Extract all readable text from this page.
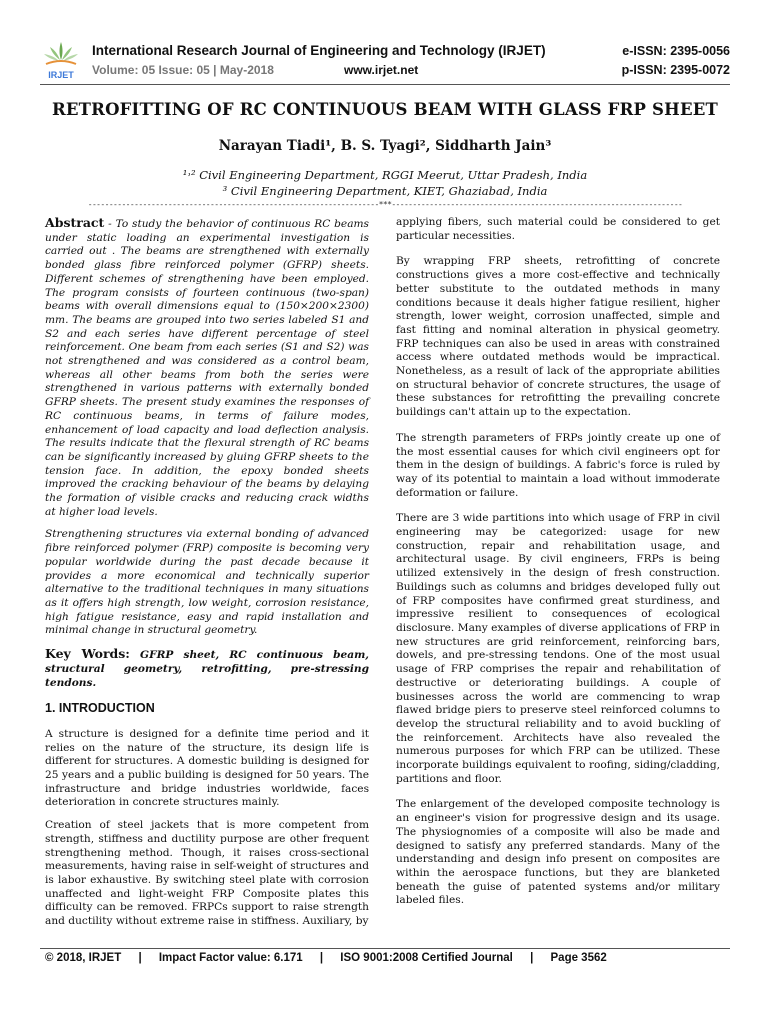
IRJET
International Research Journal of Engineering and Technology (IRJET)	e-ISSN: 2395-0056
Volume: 05 Issue: 05 | May-2018	www.irjet.net	p-ISSN: 2395-0072
RETROFITTING OF RC CONTINUOUS BEAM WITH GLASS FRP SHEET
Narayan Tiadi¹, B. S. Tyagi², Siddharth Jain³
¹˒² Civil Engineering Department, RGGI Meerut, Uttar Pradesh, India
³ Civil Engineering Department, KIET, Ghaziabad, India
---------------------------------------------------------------------***---------------------------------------------------------------------

Abstract - To study the behavior of continuous RC beams under static loading an experimental investigation is carried out . The beams are strengthened with externally bonded glass fibre reinforced polymer (GFRP) sheets. Different schemes of strengthening have been employed. The program consists of fourteen continuous (two-span) beams with overall dimensions equal to (150×200×2300) mm. The beams are grouped into two series labeled S1 and S2 and each series have different percentage of steel reinforcement. One beam from each series (S1 and S2) was not strengthened and was considered as a control beam, whereas all other beams from both the series were strengthened in various patterns with externally bonded GFRP sheets. The present study examines the responses of RC continuous beams, in terms of failure modes, enhancement of load capacity and load deflection analysis. The results indicate that the flexural strength of RC beams can be significantly increased by gluing GFRP sheets to the tension face. In addition, the epoxy bonded sheets improved the cracking behaviour of the beams by delaying the formation of visible cracks and reducing crack widths at higher load levels.

Strengthening structures via external bonding of advanced fibre reinforced polymer (FRP) composite is becoming very popular worldwide during the past decade because it provides a more economical and technically superior alternative to the traditional techniques in many situations as it offers high strength, low weight, corrosion resistance, high fatigue resistance, easy and rapid installation and minimal change in structural geometry.

Key Words: GFRP sheet, RC continuous beam, structural geometry, retrofitting, pre-stressing tendons.

1. INTRODUCTION

A structure is designed for a definite time period and it relies on the nature of the structure, its design life is different for structures. A domestic building is designed for 25 years and a public building is designed for 50 years. The infrastructure and bridge industries worldwide, faces deterioration in concrete structures mainly.

Creation of steel jackets that is more competent from strength, stiffness and ductility purpose are other frequent strengthening method. Though, it raises cross-sectional measurements, having raise in self-weight of structures and is labor exhaustive. By switching steel plate with corrosion unaffected and light-weight FRP Composite plates this difficulty can be removed. FRPCs support to raise strength and ductility without extreme raise in stiffness. Auxiliary, by

applying fibers, such material could be considered to get particular necessities.

By wrapping FRP sheets, retrofitting of concrete constructions gives a more cost-effective and technically better substitute to the outdated methods in many conditions because it deals higher fatigue resilient, higher strength, lower weight, corrosion unaffected, simple and fast fitting and nominal alteration in physical geometry. FRP techniques can also be used in areas with constrained access where outdated methods would be impractical. Nonetheless, as a result of lack of the appropriate abilities on structural behavior of concrete structures, the usage of these substances for retrofitting the prevailing concrete buildings can't attain up to the expectation.

The strength parameters of FRPs jointly create up one of the most essential causes for which civil engineers opt for them in the design of buildings. A fabric's force is ruled by way of its potential to maintain a load without immoderate deformation or failure.

There are 3 wide partitions into which usage of FRP in civil engineering may be categorized: usage for new construction, repair and rehabilitation usage, and architectural usage. By civil engineers, FRPs is being utilized extensively in the design of fresh construction. Buildings such as columns and bridges developed fully out of FRP composites have confirmed great sturdiness, and impressive resilient to consequences of ecological disclosure. Many examples of diverse applications of FRP in new structures are grid reinforcement, reinforcing bars, dowels, and pre-stressing tendons. One of the most usual usage of FRP comprises the repair and rehabilitation of destructive or deteriorating buildings. A couple of businesses across the world are commencing to wrap flawed bridge piers to preserve steel reinforced columns to develop the structural reliability and to avoid buckling of the reinforcement. Architects have also revealed the numerous purposes for which FRP can be utilized. These incorporate buildings equivalent to roofing, siding/cladding, partitions and floor.

The enlargement of the developed composite technology is an engineer's vision for progressive design and its usage. The physiognomies of a composite will also be made and designed to satisfy any preferred standards. Many of the understanding and design info present on composites are within the aerospace functions, but they are blanketed beneath the guise of patented systems and/or military labeled files.

© 2018, IRJET | Impact Factor value: 6.171 | ISO 9001:2008 Certified Journal | Page 3562
